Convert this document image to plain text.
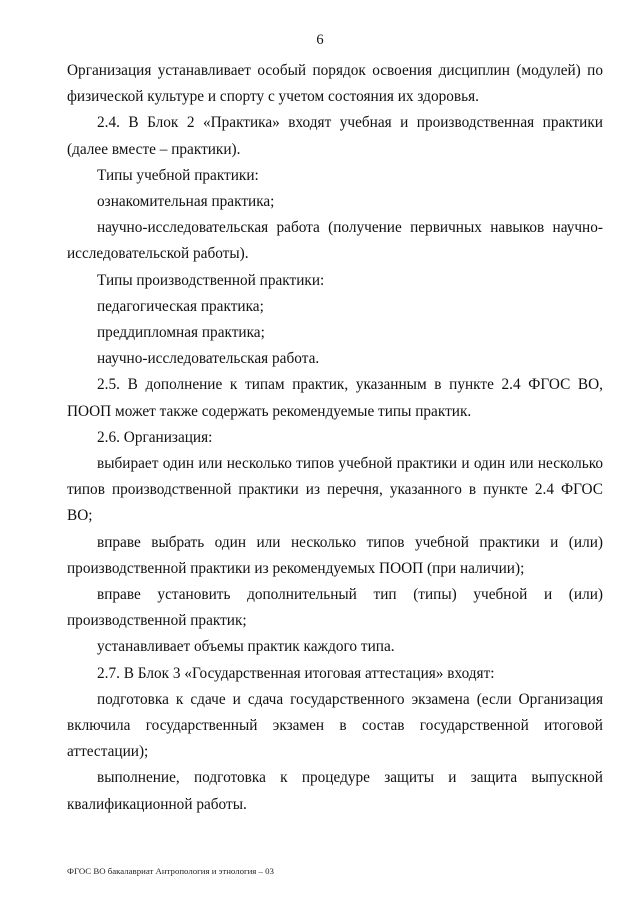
6

Организация устанавливает особый порядок освоения дисциплин (модулей) по физической культуре и спорту с учетом состояния их здоровья.

2.4. В Блок 2 «Практика» входят учебная и производственная практики (далее вместе – практики).

Типы учебной практики:

ознакомительная практика;

научно-исследовательская работа (получение первичных навыков научно-исследовательской работы).

Типы производственной практики:

педагогическая практика;

преддипломная практика;

научно-исследовательская работа.

2.5. В дополнение к типам практик, указанным в пункте 2.4 ФГОС ВО, ПООП может также содержать рекомендуемые типы практик.

2.6. Организация:

выбирает один или несколько типов учебной практики и один или несколько типов производственной практики из перечня, указанного в пункте 2.4 ФГОС ВО;

вправе выбрать один или несколько типов учебной практики и (или) производственной практики из рекомендуемых ПООП (при наличии);

вправе установить дополнительный тип (типы) учебной и (или) производственной практик;

устанавливает объемы практик каждого типа.

2.7. В Блок 3 «Государственная итоговая аттестация» входят:

подготовка к сдаче и сдача государственного экзамена (если Организация включила государственный экзамен в состав государственной итоговой аттестации);

выполнение, подготовка к процедуре защиты и защита выпускной квалификационной работы.

ФГОС ВО бакалавриат Антропология и этнология – 03
